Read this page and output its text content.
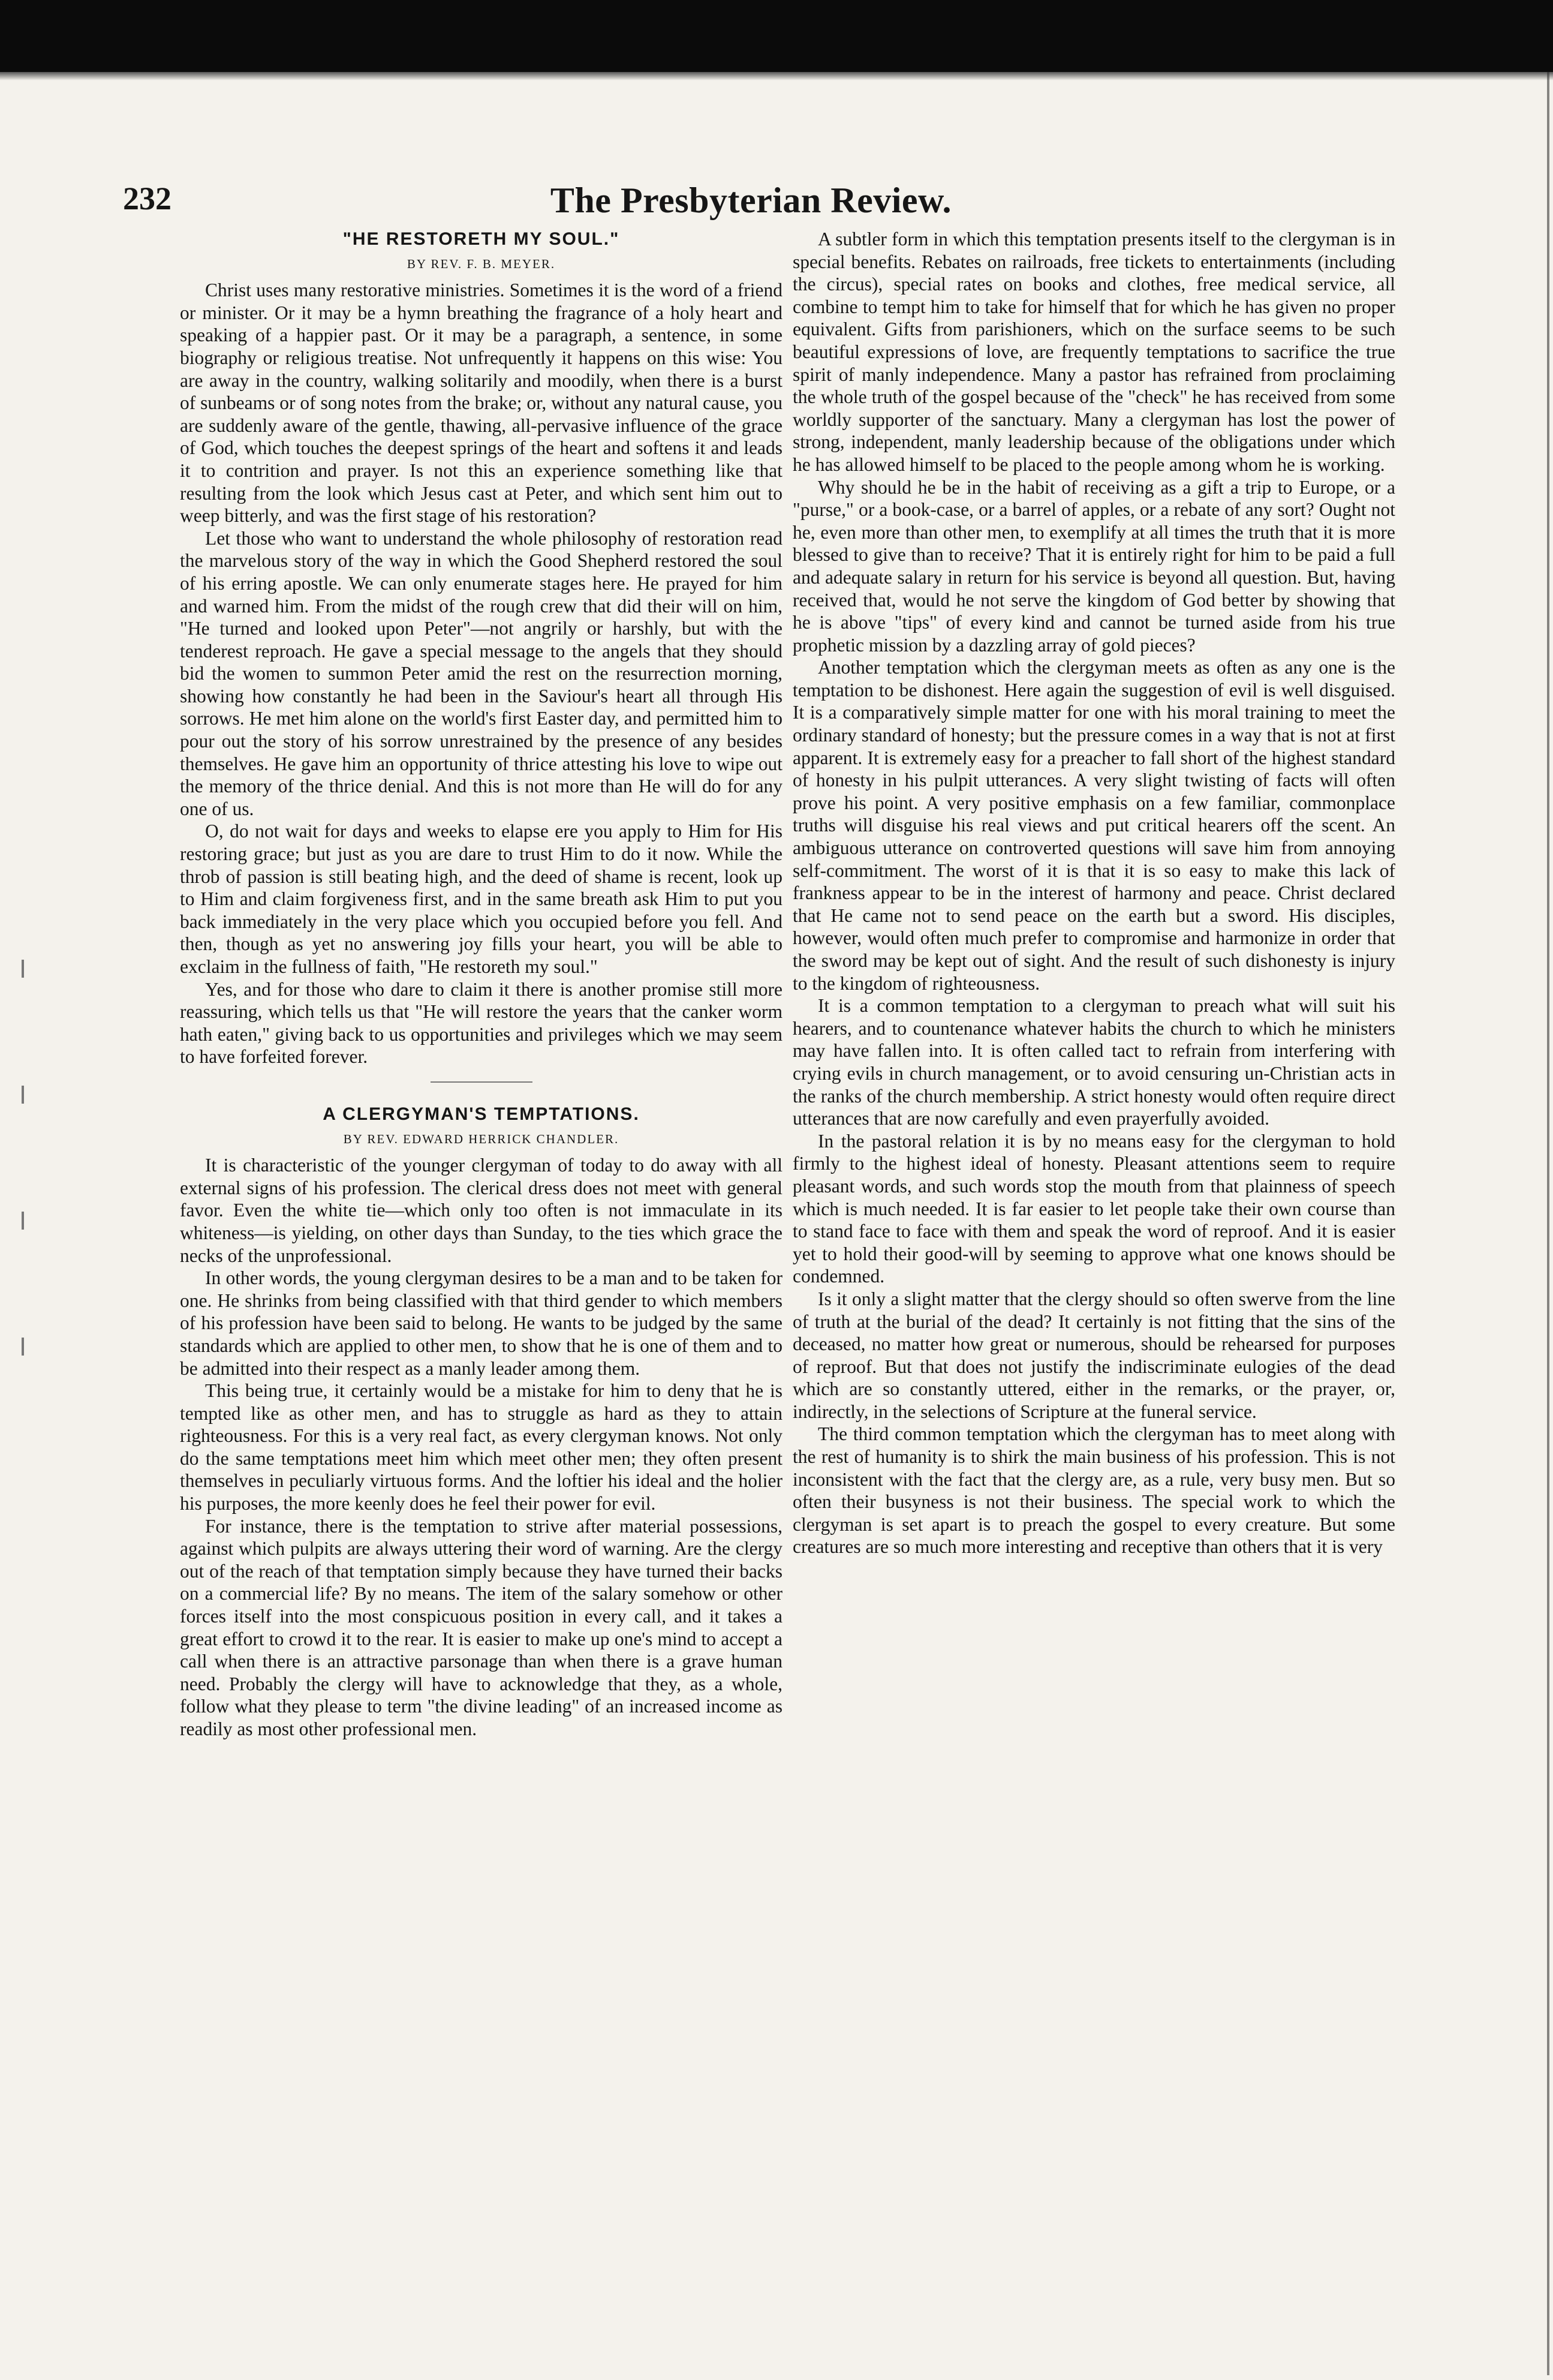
232	The Presbyterian Review.
"HE RESTORETH MY SOUL."
BY REV. F. B. MEYER.

Christ uses many restorative ministries. Sometimes it is the word of a friend or minister. Or it may be a hymn breathing the fragrance of a holy heart and speaking of a happier past. Or it may be a paragraph, a sentence, in some biography or religious treatise. Not unfrequently it happens on this wise: You are away in the country, walking solitarily and moodily, when there is a burst of sunbeams or of song notes from the brake; or, without any natural cause, you are suddenly aware of the gentle, thawing, all-pervasive influence of the grace of God, which touches the deepest springs of the heart and softens it and leads it to contrition and prayer. Is not this an experience something like that resulting from the look which Jesus cast at Peter, and which sent him out to weep bitterly, and was the first stage of his restoration?

Let those who want to understand the whole philosophy of restoration read the marvelous story of the way in which the Good Shepherd restored the soul of his erring apostle. We can only enumerate stages here. He prayed for him and warned him. From the midst of the rough crew that did their will on him, "He turned and looked upon Peter"—not angrily or harshly, but with the tenderest reproach. He gave a special message to the angels that they should bid the women to summon Peter amid the rest on the resurrection morning, showing how constantly he had been in the Saviour's heart all through His sorrows. He met him alone on the world's first Easter day, and permitted him to pour out the story of his sorrow unrestrained by the presence of any besides themselves. He gave him an opportunity of thrice attesting his love to wipe out the memory of the thrice denial. And this is not more than He will do for any one of us.

O, do not wait for days and weeks to elapse ere you apply to Him for His restoring grace; but just as you are dare to trust Him to do it now. While the throb of passion is still beating high, and the deed of shame is recent, look up to Him and claim forgiveness first, and in the same breath ask Him to put you back immediately in the very place which you occupied before you fell. And then, though as yet no answering joy fills your heart, you will be able to exclaim in the fullness of faith, "He restoreth my soul."

Yes, and for those who dare to claim it there is another promise still more reassuring, which tells us that "He will restore the years that the canker worm hath eaten," giving back to us opportunities and privileges which we may seem to have forfeited forever.

A CLERGYMAN'S TEMPTATIONS.
BY REV. EDWARD HERRICK CHANDLER.

It is characteristic of the younger clergyman of today to do away with all external signs of his profession. The clerical dress does not meet with general favor. Even the white tie—which only too often is not immaculate in its whiteness—is yielding, on other days than Sunday, to the ties which grace the necks of the unprofessional.

In other words, the young clergyman desires to be a man and to be taken for one. He shrinks from being classified with that third gender to which members of his profession have been said to belong. He wants to be judged by the same standards which are applied to other men, to show that he is one of them and to be admitted into their respect as a manly leader among them.

This being true, it certainly would be a mistake for him to deny that he is tempted like as other men, and has to struggle as hard as they to attain righteousness. For this is a very real fact, as every clergyman knows. Not only do the same temptations meet him which meet other men; they often present themselves in peculiarly virtuous forms. And the loftier his ideal and the holier his purposes, the more keenly does he feel their power for evil.

For instance, there is the temptation to strive after material possessions, against which pulpits are always uttering their word of warning. Are the clergy out of the reach of that temptation simply because they have turned their backs on a commercial life? By no means. The item of the salary somehow or other forces itself into the most conspicuous position in every call, and it takes a great effort to crowd it to the rear. It is easier to make up one's mind to accept a call when there is an attractive parsonage than when there is a grave human need. Probably the clergy will have to acknowledge that they, as a whole, follow what they please to term "the divine leading" of an increased income as readily as most other professional men.

A subtler form in which this temptation presents itself to the clergyman is in special benefits. Rebates on railroads, free tickets to entertainments (including the circus), special rates on books and clothes, free medical service, all combine to tempt him to take for himself that for which he has given no proper equivalent. Gifts from parishioners, which on the surface seems to be such beautiful expressions of love, are frequently temptations to sacrifice the true spirit of manly independence. Many a pastor has refrained from proclaiming the whole truth of the gospel because of the "check" he has received from some worldly supporter of the sanctuary. Many a clergyman has lost the power of strong, independent, manly leadership because of the obligations under which he has allowed himself to be placed to the people among whom he is working.

Why should he be in the habit of receiving as a gift a trip to Europe, or a "purse," or a book-case, or a barrel of apples, or a rebate of any sort? Ought not he, even more than other men, to exemplify at all times the truth that it is more blessed to give than to receive? That it is entirely right for him to be paid a full and adequate salary in return for his service is beyond all question. But, having received that, would he not serve the kingdom of God better by showing that he is above "tips" of every kind and cannot be turned aside from his true prophetic mission by a dazzling array of gold pieces?

Another temptation which the clergyman meets as often as any one is the temptation to be dishonest. Here again the suggestion of evil is well disguised. It is a comparatively simple matter for one with his moral training to meet the ordinary standard of honesty; but the pressure comes in a way that is not at first apparent. It is extremely easy for a preacher to fall short of the highest standard of honesty in his pulpit utterances. A very slight twisting of facts will often prove his point. A very positive emphasis on a few familiar, commonplace truths will disguise his real views and put critical hearers off the scent. An ambiguous utterance on controverted questions will save him from annoying self-commitment. The worst of it is that it is so easy to make this lack of frankness appear to be in the interest of harmony and peace. Christ declared that He came not to send peace on the earth but a sword. His disciples, however, would often much prefer to compromise and harmonize in order that the sword may be kept out of sight. And the result of such dishonesty is injury to the kingdom of righteousness.

It is a common temptation to a clergyman to preach what will suit his hearers, and to countenance whatever habits the church to which he ministers may have fallen into. It is often called tact to refrain from interfering with crying evils in church management, or to avoid censuring un-Christian acts in the ranks of the church membership. A strict honesty would often require direct utterances that are now carefully and even prayerfully avoided.

In the pastoral relation it is by no means easy for the clergyman to hold firmly to the highest ideal of honesty. Pleasant attentions seem to require pleasant words, and such words stop the mouth from that plainness of speech which is much needed. It is far easier to let people take their own course than to stand face to face with them and speak the word of reproof. And it is easier yet to hold their good-will by seeming to approve what one knows should be condemned.

Is it only a slight matter that the clergy should so often swerve from the line of truth at the burial of the dead? It certainly is not fitting that the sins of the deceased, no matter how great or numerous, should be rehearsed for purposes of reproof. But that does not justify the indiscriminate eulogies of the dead which are so constantly uttered, either in the remarks, or the prayer, or, indirectly, in the selections of Scripture at the funeral service.

The third common temptation which the clergyman has to meet along with the rest of humanity is to shirk the main business of his profession. This is not inconsistent with the fact that the clergy are, as a rule, very busy men. But so often their busyness is not their business. The special work to which the clergyman is set apart is to preach the gospel to every creature. But some creatures are so much more interesting and receptive than others that it is very
